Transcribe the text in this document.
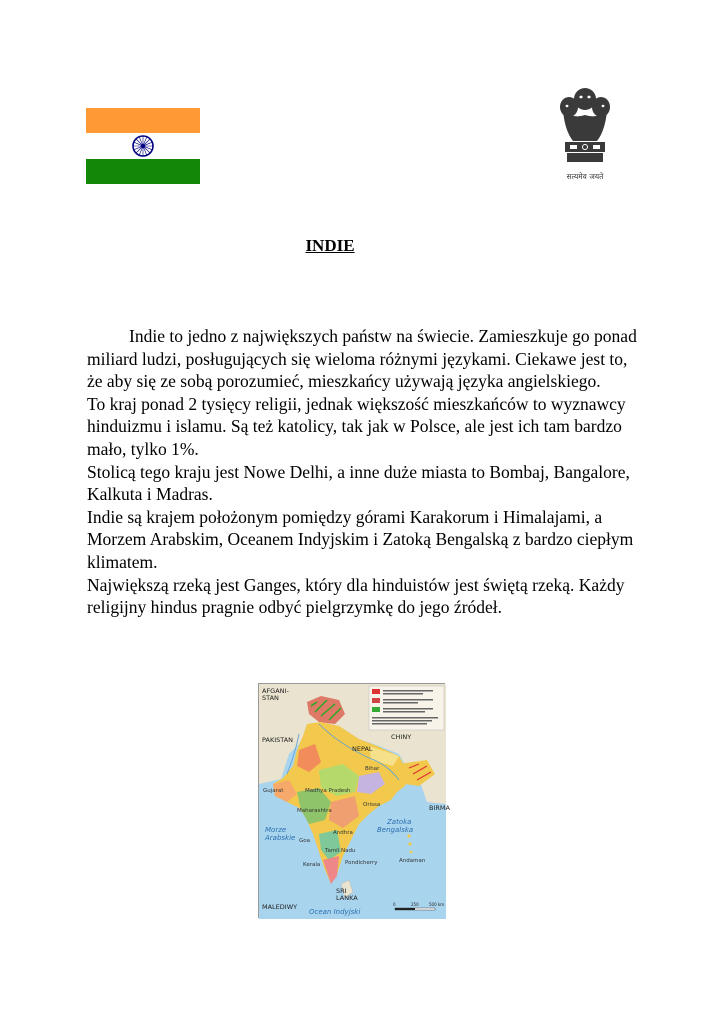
सत्यमेव जयते
INDIE

Indie to jedno z największych państw na świecie. Zamieszkuje go ponad miliard ludzi, posługujących się wieloma różnymi językami. Ciekawe jest to, że aby się ze sobą porozumieć, mieszkańcy używają języka angielskiego.

To kraj ponad 2 tysięcy religii, jednak większość mieszkańców to wyznawcy hinduizmu i islamu. Są też katolicy, tak jak w Polsce, ale jest ich tam bardzo mało, tylko 1%.

Stolicą tego kraju jest Nowe Delhi, a inne duże miasta to Bombaj, Bangalore, Kalkuta i Madras.

Indie są krajem położonym pomiędzy górami Karakorum i Himalajami, a Morzem Arabskim, Oceanem Indyjskim i Zatoką Bengalską z bardzo ciepłym klimatem.

Największą rzeką jest Ganges, który dla hinduistów jest świętą rzeką. Każdy religijny hindus pragnie odbyć pielgrzymkę do jego źródeł.

AFGANI-
STAN
PAKISTAN	CHINY
NEPAL
BIRMA
SRI
LANKA
MALEDIWY
Madhya Pradesh
Maharashtra
Andhra
Orissa
Kerala
Gujarat
Bihar
Tamil Nadu
Goa
Pondicherry	Andaman
Morze
Arabskie
Zatoka
Bengalska
Ocean Indyjski
0	250	500 km
